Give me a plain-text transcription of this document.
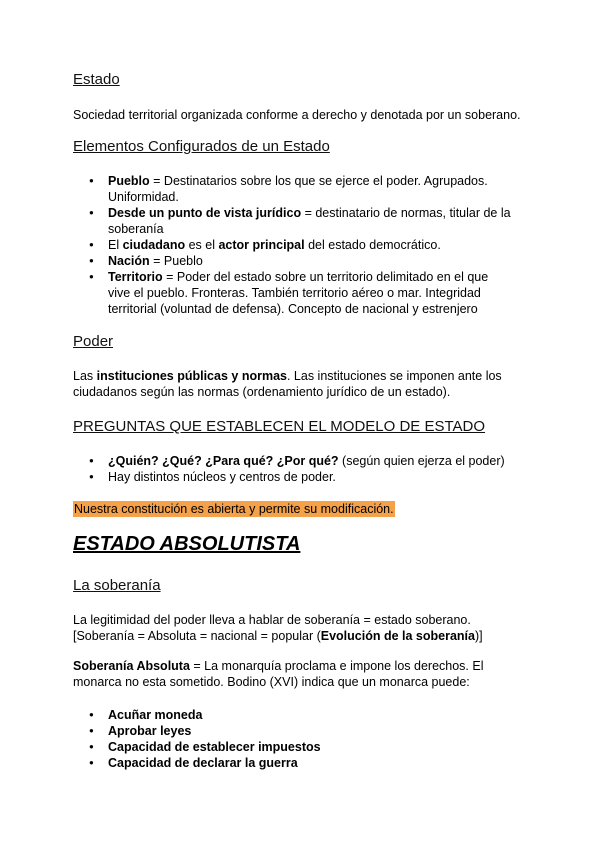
Estado
Sociedad territorial organizada conforme a derecho y denotada por un soberano.
Elementos Configurados de un Estado
● Pueblo = Destinatarios sobre los que se ejerce el poder. Agrupados. Uniformidad.
● Desde un punto de vista jurídico = destinatario de normas, titular de la soberanía
● El ciudadano es el actor principal del estado democrático.
● Nación = Pueblo
● Territorio = Poder del estado sobre un territorio delimitado en el que vive el pueblo. Fronteras. También territorio aéreo o mar. Integridad territorial (voluntad de defensa). Concepto de nacional y estrenjero
Poder
Las instituciones públicas y normas. Las instituciones se imponen ante los ciudadanos según las normas (ordenamiento jurídico de un estado).
PREGUNTAS QUE ESTABLECEN EL MODELO DE ESTADO
● ¿Quién? ¿Qué? ¿Para qué? ¿Por qué? (según quien ejerza el poder)
● Hay distintos núcleos y centros de poder.
Nuestra constitución es abierta y permite su modificación.
ESTADO ABSOLUTISTA
La soberanía
La legitimidad del poder lleva a hablar de soberanía = estado soberano.
[Soberanía = Absoluta = nacional = popular (Evolución de la soberanía)]
Soberanía Absoluta = La monarquía proclama e impone los derechos. El monarca no esta sometido. Bodino (XVI) indica que un monarca puede:
● Acuñar moneda
● Aprobar leyes
● Capacidad de establecer impuestos
● Capacidad de declarar la guerra
